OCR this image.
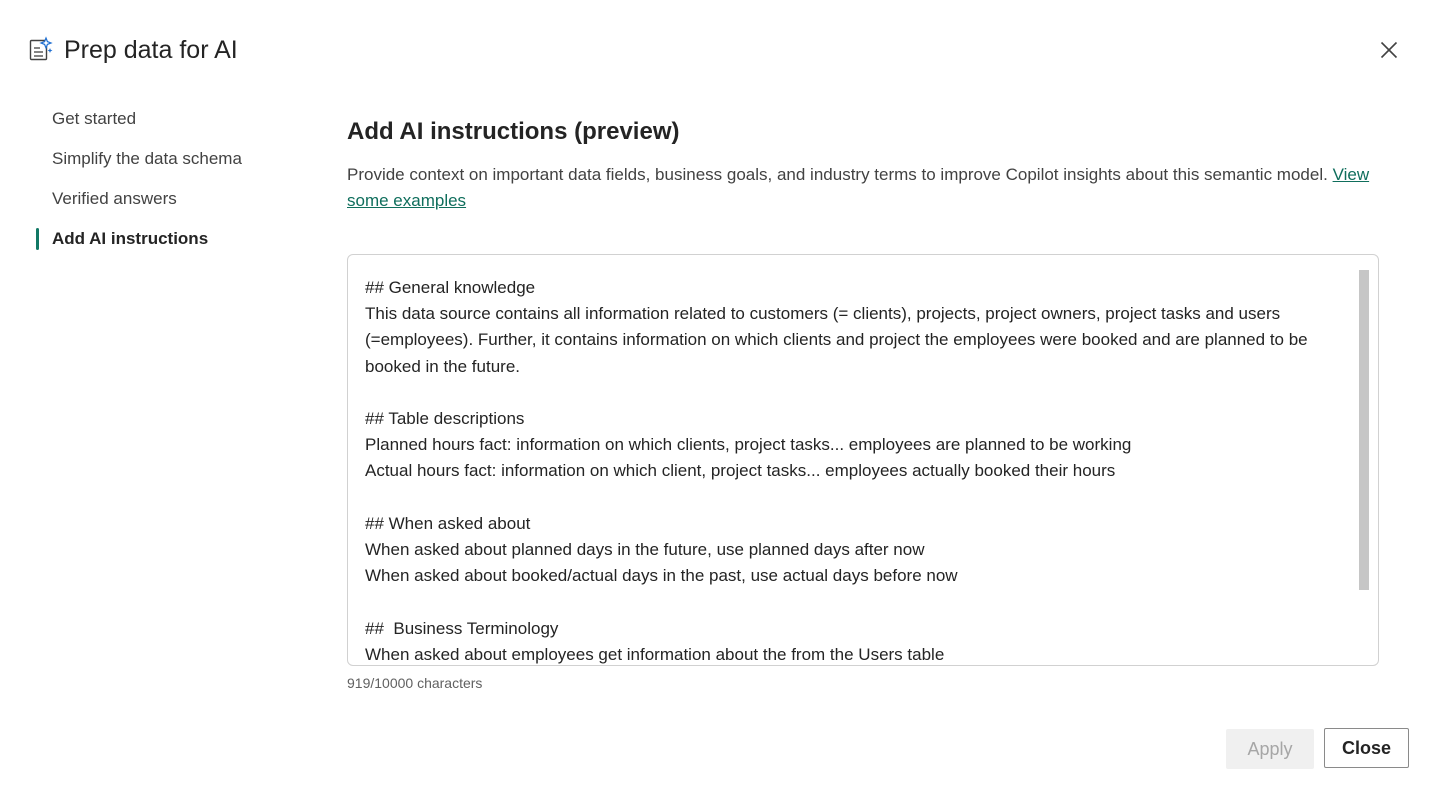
Prep data for AI
Get started
Simplify the data schema
Verified answers
Add AI instructions
Add AI instructions (preview)

Provide context on important data fields, business goals, and industry terms to improve Copilot insights about this semantic model. View some examples

## General knowledge
This data source contains all information related to customers (= clients), projects, project owners, project tasks and users (=employees). Further, it contains information on which clients and project the employees were booked and are planned to be booked in the future.

## Table descriptions
Planned hours fact: information on which clients, project tasks... employees are planned to be working
Actual hours fact: information on which client, project tasks... employees actually booked their hours

## When asked about
When asked about planned days in the future, use planned days after now
When asked about booked/actual days in the past, use actual days before now

##  Business Terminology
When asked about employees get information about the from the Users table
919/10000 characters
Apply	Close
